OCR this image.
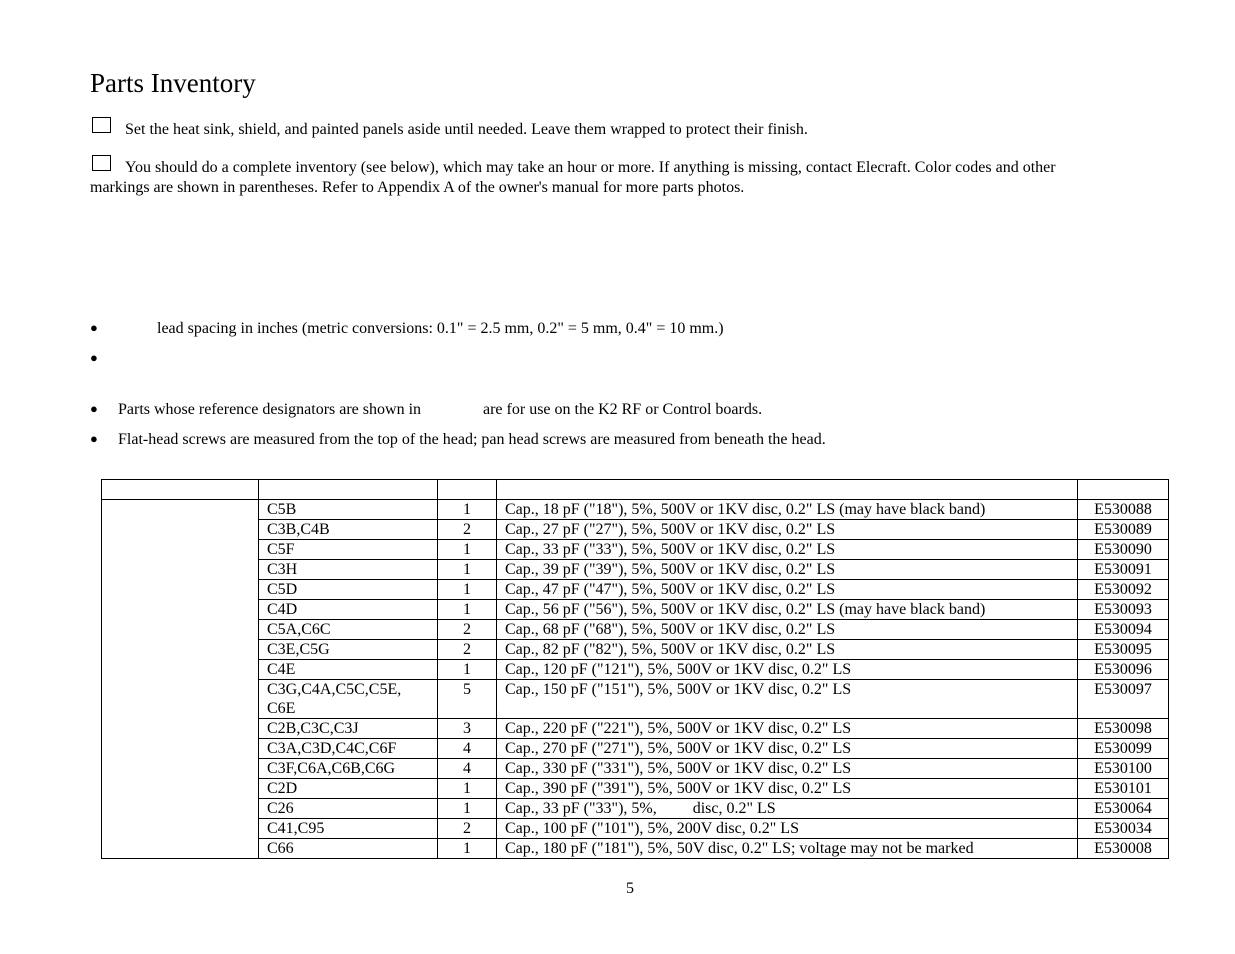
Parts Inventory
Set the heat sink, shield, and painted panels aside until needed. Leave them wrapped to protect their finish.
You should do a complete inventory (see below), which may take an hour or more. If anything is missing, contact Elecraft. Color codes and other
markings are shown in parentheses. Refer to Appendix A of the owner's manual for more parts photos.
●	lead spacing in inches (metric conversions: 0.1" = 2.5 mm, 0.2" = 5 mm, 0.4" = 10 mm.)
●
● Parts whose reference designators are shown in	are for use on the K2 RF or Control boards.
● Flat-head screws are measured from the top of the head; pan head screws are measured from beneath the head.

	C5B	1	Cap., 18 pF ("18"), 5%, 500V or 1KV disc, 0.2" LS (may have black band)	E530088

	C3B,C4B	2	Cap., 27 pF ("27"), 5%, 500V or 1KV disc, 0.2" LS	E530089

	C5F	1	Cap., 33 pF ("33"), 5%, 500V or 1KV disc, 0.2" LS	E530090

	C3H	1	Cap., 39 pF ("39"), 5%, 500V or 1KV disc, 0.2" LS	E530091

	C5D	1	Cap., 47 pF ("47"), 5%, 500V or 1KV disc, 0.2" LS	E530092

	C4D	1	Cap., 56 pF ("56"), 5%, 500V or 1KV disc, 0.2" LS (may have black band)	E530093

	C5A,C6C	2	Cap., 68 pF ("68"), 5%, 500V or 1KV disc, 0.2" LS	E530094

	C3E,C5G	2	Cap., 82 pF ("82"), 5%, 500V or 1KV disc, 0.2" LS	E530095

	C4E	1	Cap., 120 pF ("121"), 5%, 500V or 1KV disc, 0.2" LS	E530096

	C3G,C4A,C5C,C5E,
C6E	5	Cap., 150 pF ("151"), 5%, 500V or 1KV disc, 0.2" LS	E530097

	C2B,C3C,C3J	3	Cap., 220 pF ("221"), 5%, 500V or 1KV disc, 0.2" LS	E530098

	C3A,C3D,C4C,C6F	4	Cap., 270 pF ("271"), 5%, 500V or 1KV disc, 0.2" LS	E530099

	C3F,C6A,C6B,C6G	4	Cap., 330 pF ("331"), 5%, 500V or 1KV disc, 0.2" LS	E530100

	C2D	1	Cap., 390 pF ("391"), 5%, 500V or 1KV disc, 0.2" LS	E530101

	C26	1	Cap., 33 pF ("33"), 5%,         disc, 0.2" LS	E530064

	C41,C95	2	Cap., 100 pF ("101"), 5%, 200V disc, 0.2" LS	E530034

	C66	1	Cap., 180 pF ("181"), 5%, 50V disc, 0.2" LS; voltage may not be marked	E530008
5
